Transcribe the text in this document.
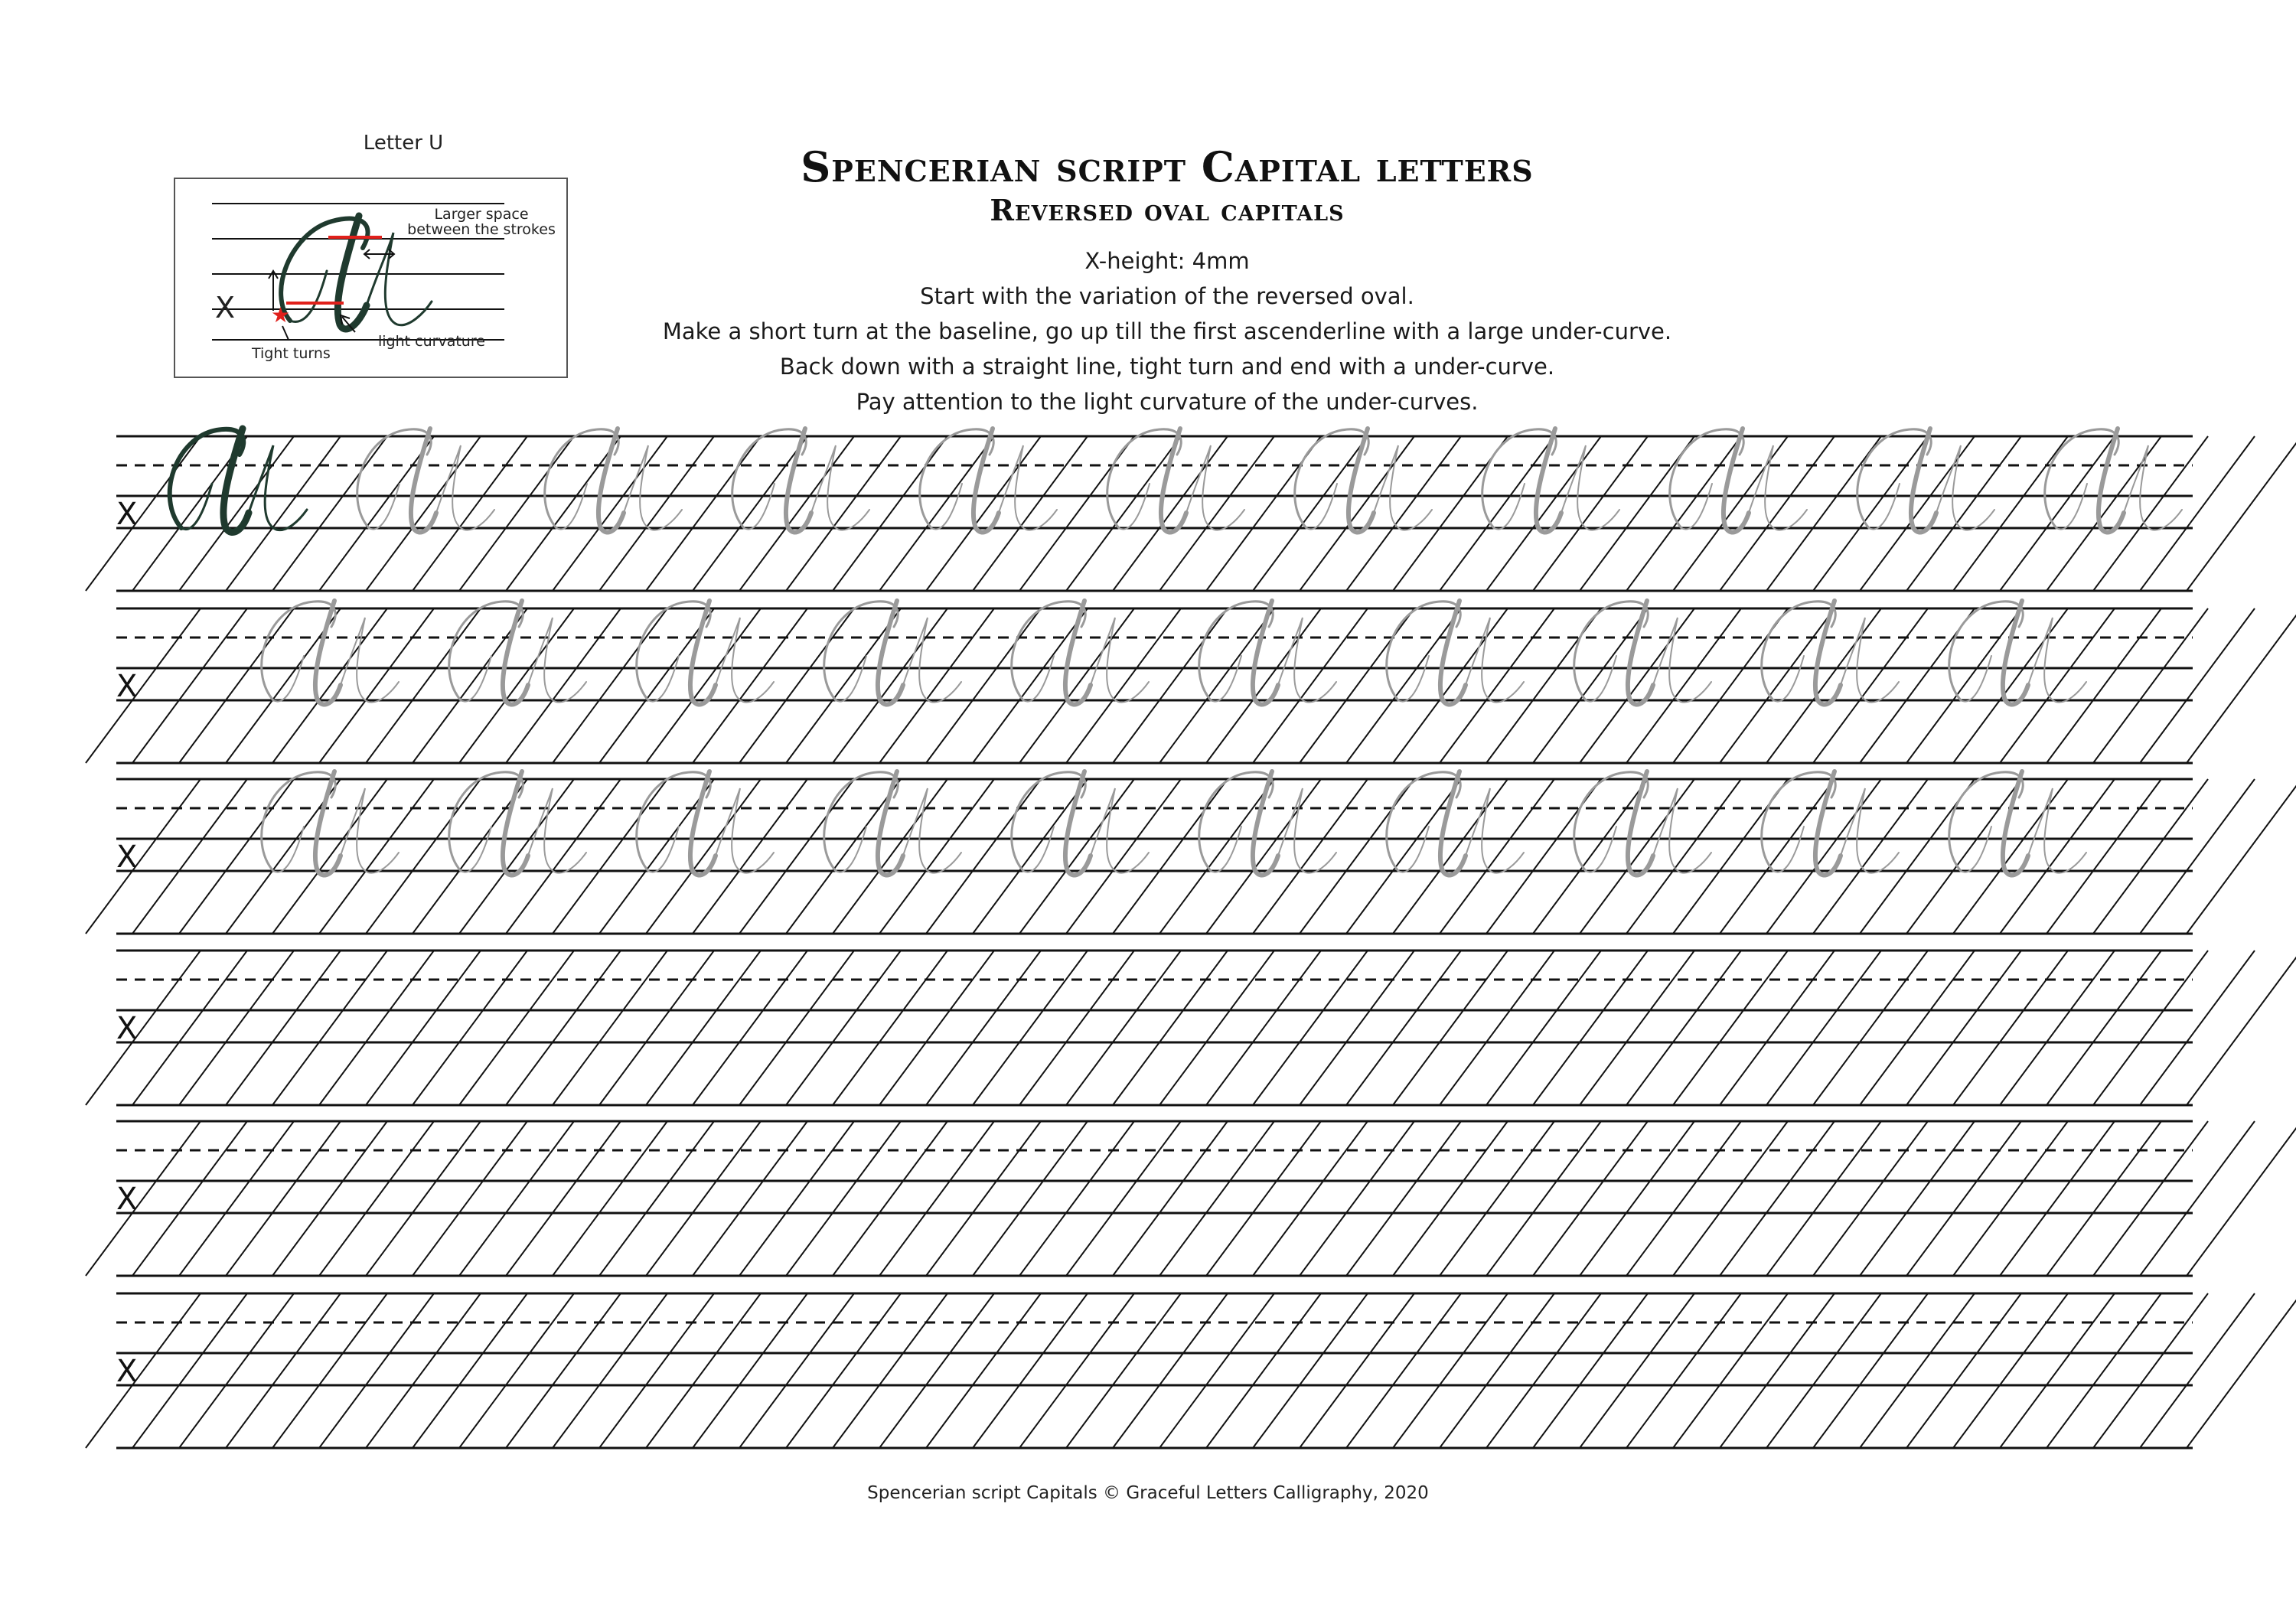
Letter U
★
Larger space between the strokes
Tight turns
light curvature
X
Spencerian script Capital letters
Reversed oval capitals
X-height: 4mm
Start with the variation of the reversed oval.
Make a short turn at the baseline, go up till the first ascenderline with a large under-curve.
Back down with a straight line, tight turn and end with a under-curve.
Pay attention to the light curvature of the under-curves.
X
X
X
X
X
X
Spencerian script Capitals © Graceful Letters Calligraphy, 2020
